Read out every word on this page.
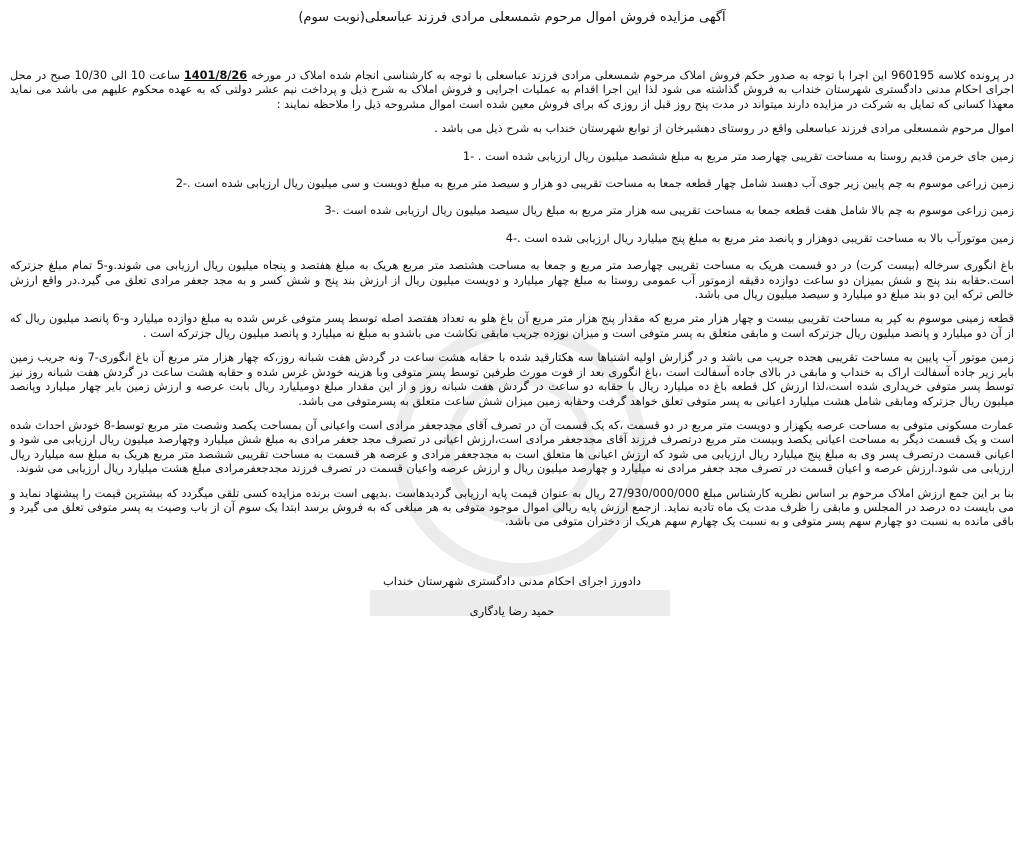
آگهی مزایده فروش اموال مرحوم شمسعلی مرادی فرزند عباسعلی(نوبت سوم)

در پرونده کلاسه 960195 این اجرا با توجه به صدور حکم فروش املاک مرحوم شمسعلی مرادی فرزند عباسعلی با توجه به کارشناسی انجام شده املاک در مورخه 1401/8/26 ساعت 10 الی 10/30 صبح در محل اجرای احکام مدنی دادگستری شهرستان خنداب به فروش گذاشته می شود لذا این اجرا اقدام به عملیات اجرایی و فروش املاک به شرح ذیل و پرداخت نیم عشر دولتی که به عهده محکوم علیهم می باشد می نماید معهذا کسانی که تمایل به شرکت در مزایده دارند میتواند در مدت پنج روز قبل از روزی که برای فروش معین شده است اموال مشروحه ذیل را ملاحظه نمایند :

اموال مرحوم شمسعلی مرادی فرزند عباسعلی واقع در روستای دهشیرخان از توابع شهرستان خنداب به شرح ذیل می باشد .

زمین جای خرمن قدیم روستا به مساحت تقریبی چهارصد متر مربع به مبلغ ششصد میلیون ریال ارزیابی شده است . -1

زمین زراعی موسوم به چم پایین زیر جوی آب دهسد شامل چهار قطعه جمعا به مساحت تقریبی دو هزار و سیصد متر مربع به مبلغ دویست و سی میلیون ریال ارزیابی شده است .-2

زمین زراعی موسوم به چم بالا شامل هفت قطعه جمعا به مساحت تقریبی سه هزار متر مربع به مبلغ ریال سیصد میلیون ریال ارزیابی شده است .-3

زمین موتورآب بالا به مساحت تقریبی دوهزار و پانصد متر مربع به مبلغ پنج میلیارد ریال ارزیابی شده است .-4

باغ انگوری سرخاله (بیست کرت) در دو قسمت هریک به مساحت تقریبی چهارصد متر مربع و جمعا به مساحت هشتصد متر مربع هریک به مبلغ هفتصد و پنجاه میلیون ریال ارزیابی می شوند.و-5 تمام مبلغ جزترکه است.حقابه بند پنج و شش بمیزان دو ساعت دوازده دقیقه ازموتور آب عمومی روستا به مبلغ چهار میلیارد و دویست میلیون ریال از ارزش بند پنج و شش کسر و به مجد جعفر مرادی تعلق می گیرد.در واقع ارزش خالص ترکه این دو بند مبلغ دو میلیارد و سیصد میلیون ریال می باشد.

قطعه زمینی موسوم به کپر به مساحت تقریبی بیست و چهار هزار متر مربع که مقدار پنج هزار متر مربع آن باغ هلو به تعداد هفتصد اصله توسط پسر متوفی غرس شده به مبلغ دوازده میلیارد و-6 پانصد میلیون ریال که از آن دو میلیارد و پانصد میلیون ریال جزترکه است و مابقی متعلق به پسر متوفی است و میزان نوزده جریب مابقی نکاشت می باشدو به مبلغ نه میلیارد و پانصد میلیون ریال جزترکه است .

زمین موتور آب پایین به مساحت تقریبی هجده جریب می باشد و در گزارش اولیه اشتباها سه هکتارقید شده با حقابه هشت ساعت در گردش هفت شبانه روز،که چهار هزار متر مربع آن باغ انگوری-7 ونه جریب زمین بایر زیر جاده آسفالت اراک به خنداب و مابقی در بالای جاده آسفالت است ،باغ انگوری بعد از فوت مورث طرفین توسط پسر متوفی وبا هزینه خودش غرس شده و حقابه هشت ساعت در گردش هفت شبانه روز نیز توسط پسر متوفی خریداری شده است،لذا ارزش کل قطعه باغ ده میلیارد ریال با حقابه دو ساعت در گردش هفت شبانه روز و از این مقدار مبلغ دومیلیارد ریال بابت عرصه و ارزش زمین بایر چهار میلیارد وپانصد میلیون ریال جزترکه ومابقی شامل هشت میلیارد اعیانی به پسر متوفی تعلق خواهد گرفت وحقابه زمین میزان شش ساعت متعلق به پسرمتوفی می باشد.

عمارت مسکونی متوفی به مساحت عرصه یکهزار و دویست متر مربع در دو قسمت ،که یک قسمت آن در تصرف آقای مجدجعفر مرادی است واعیانی آن بمساحت یکصد وشصت متر مربع توسط-8 خودش احداث شده است و یک قسمت دیگر به مساحت اعیانی یکصد وبیست متر مربع درتصرف فرزند آقای مجدجعفر مرادی است،ارزش اعیانی در تصرف مجد جعفر مرادی به مبلغ شش میلیارد وچهارصد میلیون ریال ارزیابی می شود و اعیانی قسمت درتصرف پسر وی به مبلغ پنج میلیارد ریال ارزیابی می شود که ارزش اعیانی ها متعلق است به مجدجعفر مرادی و عرصه هر قسمت به مساحت تقریبی ششصد متر مربع هریک به مبلغ سه میلیارد ریال ارزیابی می شود.ارزش عرصه و اعیان قسمت در تصرف مجد جعفر مرادی نه میلیارد و چهارصد میلیون ریال و ارزش عرصه واعیان قسمت در تصرف فرزند مجدجعفرمرادی مبلغ هشت میلیارد ریال ارزیابی می شوند.

بنا بر این جمع ارزش املاک مرحوم بر اساس نظریه کارشناس مبلغ 27/930/000/000 ریال به عنوان قیمت پایه ارزیابی گردیدهاست .بدیهی است برنده مزایده کسی تلقی میگردد که بیشترین قیمت را پیشنهاد نماید و می بایست ده درصد در المجلس و مابقی را ظرف مدت یک ماه تادیه نماید. ازجمع ارزش پایه ریالی اموال موجود متوفی به هر مبلغی که به فروش برسد ابتدا یک سوم آن از باب وصیت به پسر متوفی تعلق می گیرد و باقی مانده به نسبت دو چهارم سهم پسر متوفی و به نسبت یک چهارم سهم هریک از دختران متوفی می باشد.

دادورز اجرای احکام مدنی دادگستری شهرستان خنداب
حمید رضا یادگاری
